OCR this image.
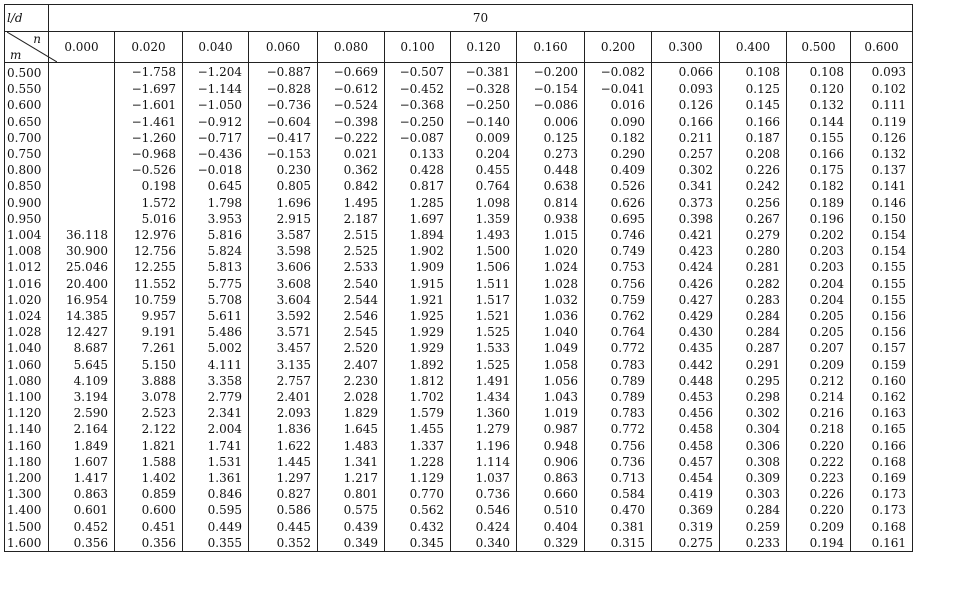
l/d	70												

n
m	0.000	0.020	0.040	0.060	0.080	0.100	0.120	0.160	0.200	0.300	0.400	0.500	0.600
0.500		−1.758	−1.204	−0.887	−0.669	−0.507	−0.381	−0.200	−0.082	0.066	0.108	0.108	0.093
0.550		−1.697	−1.144	−0.828	−0.612	−0.452	−0.328	−0.154	−0.041	0.093	0.125	0.120	0.102
0.600		−1.601	−1.050	−0.736	−0.524	−0.368	−0.250	−0.086	0.016	0.126	0.145	0.132	0.111
0.650		−1.461	−0.912	−0.604	−0.398	−0.250	−0.140	0.006	0.090	0.166	0.166	0.144	0.119
0.700		−1.260	−0.717	−0.417	−0.222	−0.087	0.009	0.125	0.182	0.211	0.187	0.155	0.126
0.750		−0.968	−0.436	−0.153	0.021	0.133	0.204	0.273	0.290	0.257	0.208	0.166	0.132
0.800		−0.526	−0.018	0.230	0.362	0.428	0.455	0.448	0.409	0.302	0.226	0.175	0.137
0.850		0.198	0.645	0.805	0.842	0.817	0.764	0.638	0.526	0.341	0.242	0.182	0.141
0.900		1.572	1.798	1.696	1.495	1.285	1.098	0.814	0.626	0.373	0.256	0.189	0.146
0.950		5.016	3.953	2.915	2.187	1.697	1.359	0.938	0.695	0.398	0.267	0.196	0.150
1.004	36.118	12.976	5.816	3.587	2.515	1.894	1.493	1.015	0.746	0.421	0.279	0.202	0.154
1.008	30.900	12.756	5.824	3.598	2.525	1.902	1.500	1.020	0.749	0.423	0.280	0.203	0.154
1.012	25.046	12.255	5.813	3.606	2.533	1.909	1.506	1.024	0.753	0.424	0.281	0.203	0.155
1.016	20.400	11.552	5.775	3.608	2.540	1.915	1.511	1.028	0.756	0.426	0.282	0.204	0.155
1.020	16.954	10.759	5.708	3.604	2.544	1.921	1.517	1.032	0.759	0.427	0.283	0.204	0.155
1.024	14.385	9.957	5.611	3.592	2.546	1.925	1.521	1.036	0.762	0.429	0.284	0.205	0.156
1.028	12.427	9.191	5.486	3.571	2.545	1.929	1.525	1.040	0.764	0.430	0.284	0.205	0.156
1.040	8.687	7.261	5.002	3.457	2.520	1.929	1.533	1.049	0.772	0.435	0.287	0.207	0.157
1.060	5.645	5.150	4.111	3.135	2.407	1.892	1.525	1.058	0.783	0.442	0.291	0.209	0.159
1.080	4.109	3.888	3.358	2.757	2.230	1.812	1.491	1.056	0.789	0.448	0.295	0.212	0.160
1.100	3.194	3.078	2.779	2.401	2.028	1.702	1.434	1.043	0.789	0.453	0.298	0.214	0.162
1.120	2.590	2.523	2.341	2.093	1.829	1.579	1.360	1.019	0.783	0.456	0.302	0.216	0.163
1.140	2.164	2.122	2.004	1.836	1.645	1.455	1.279	0.987	0.772	0.458	0.304	0.218	0.165
1.160	1.849	1.821	1.741	1.622	1.483	1.337	1.196	0.948	0.756	0.458	0.306	0.220	0.166
1.180	1.607	1.588	1.531	1.445	1.341	1.228	1.114	0.906	0.736	0.457	0.308	0.222	0.168
1.200	1.417	1.402	1.361	1.297	1.217	1.129	1.037	0.863	0.713	0.454	0.309	0.223	0.169
1.300	0.863	0.859	0.846	0.827	0.801	0.770	0.736	0.660	0.584	0.419	0.303	0.226	0.173
1.400	0.601	0.600	0.595	0.586	0.575	0.562	0.546	0.510	0.470	0.369	0.284	0.220	0.173
1.500	0.452	0.451	0.449	0.445	0.439	0.432	0.424	0.404	0.381	0.319	0.259	0.209	0.168
1.600	0.356	0.356	0.355	0.352	0.349	0.345	0.340	0.329	0.315	0.275	0.233	0.194	0.161
